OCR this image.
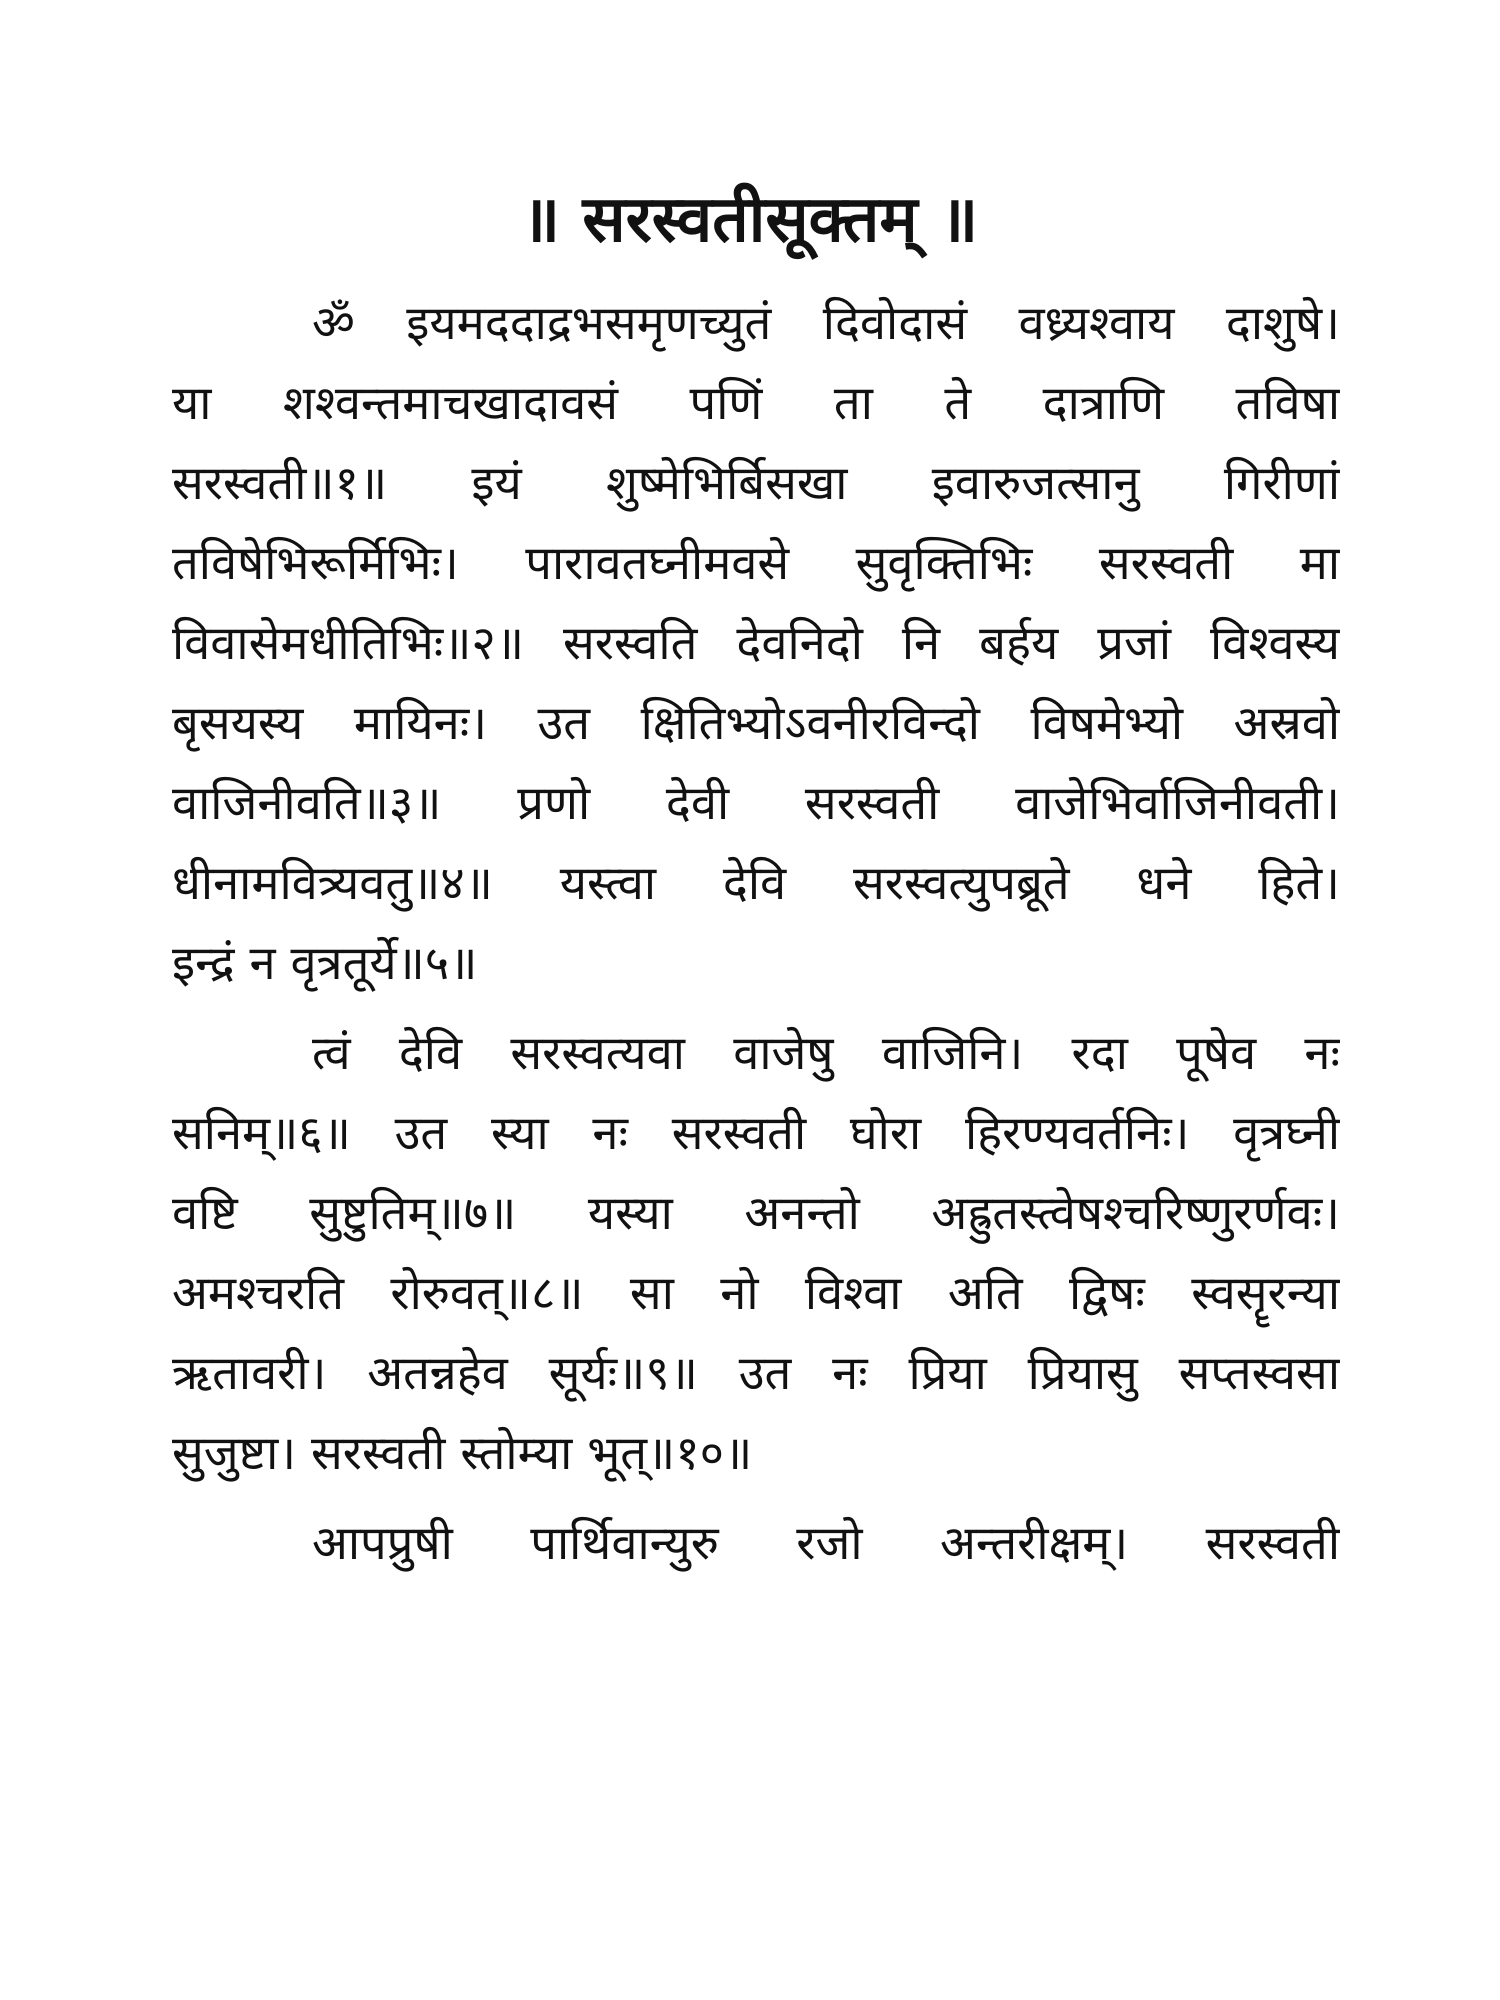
॥ सरस्वतीसूक्तम् ॥
ॐ इयमददाद्रभसमृणच्युतं दिवोदासं वध्र्यश्वाय दाशुषे।
या शश्वन्तमाचखादावसं पणिं ता ते दात्राणि तविषा
सरस्वती॥१॥ इयं शुष्मेभिर्बिसखा इवारुजत्सानु गिरीणां
तविषेभिरूर्मिभिः। पारावतघ्नीमवसे सुवृक्तिभिः सरस्वती मा
विवासेमधीतिभिः॥२॥ सरस्वति देवनिदो नि बर्हय प्रजां विश्वस्य
बृसयस्य मायिनः। उत क्षितिभ्योऽवनीरविन्दो विषमेभ्यो अस्रवो
वाजिनीवति॥३॥ प्रणो देवी सरस्वती वाजेभिर्वाजिनीवती।
धीनामवित्र्यवतु॥४॥ यस्त्वा देवि सरस्वत्युपब्रूते धने हिते।
इन्द्रं न वृत्रतूर्ये॥५॥
त्वं देवि सरस्वत्यवा वाजेषु वाजिनि। रदा पूषेव नः
सनिम्॥६॥ उत स्या नः सरस्वती घोरा हिरण्यवर्तनिः। वृत्रघ्नी
वष्टि सुष्टुतिम्॥७॥ यस्या अनन्तो अह्रुतस्त्वेषश्चरिष्णुरर्णवः।
अमश्चरति रोरुवत्॥८॥ सा नो विश्वा अति द्विषः स्वसॄरन्या
ऋतावरी। अतन्नहेव सूर्यः॥९॥ उत नः प्रिया प्रियासु सप्तस्वसा
सुजुष्टा। सरस्वती स्तोम्या भूत्॥१०॥
आपप्रुषी पार्थिवान्युरु रजो अन्तरीक्षम्। सरस्वती
